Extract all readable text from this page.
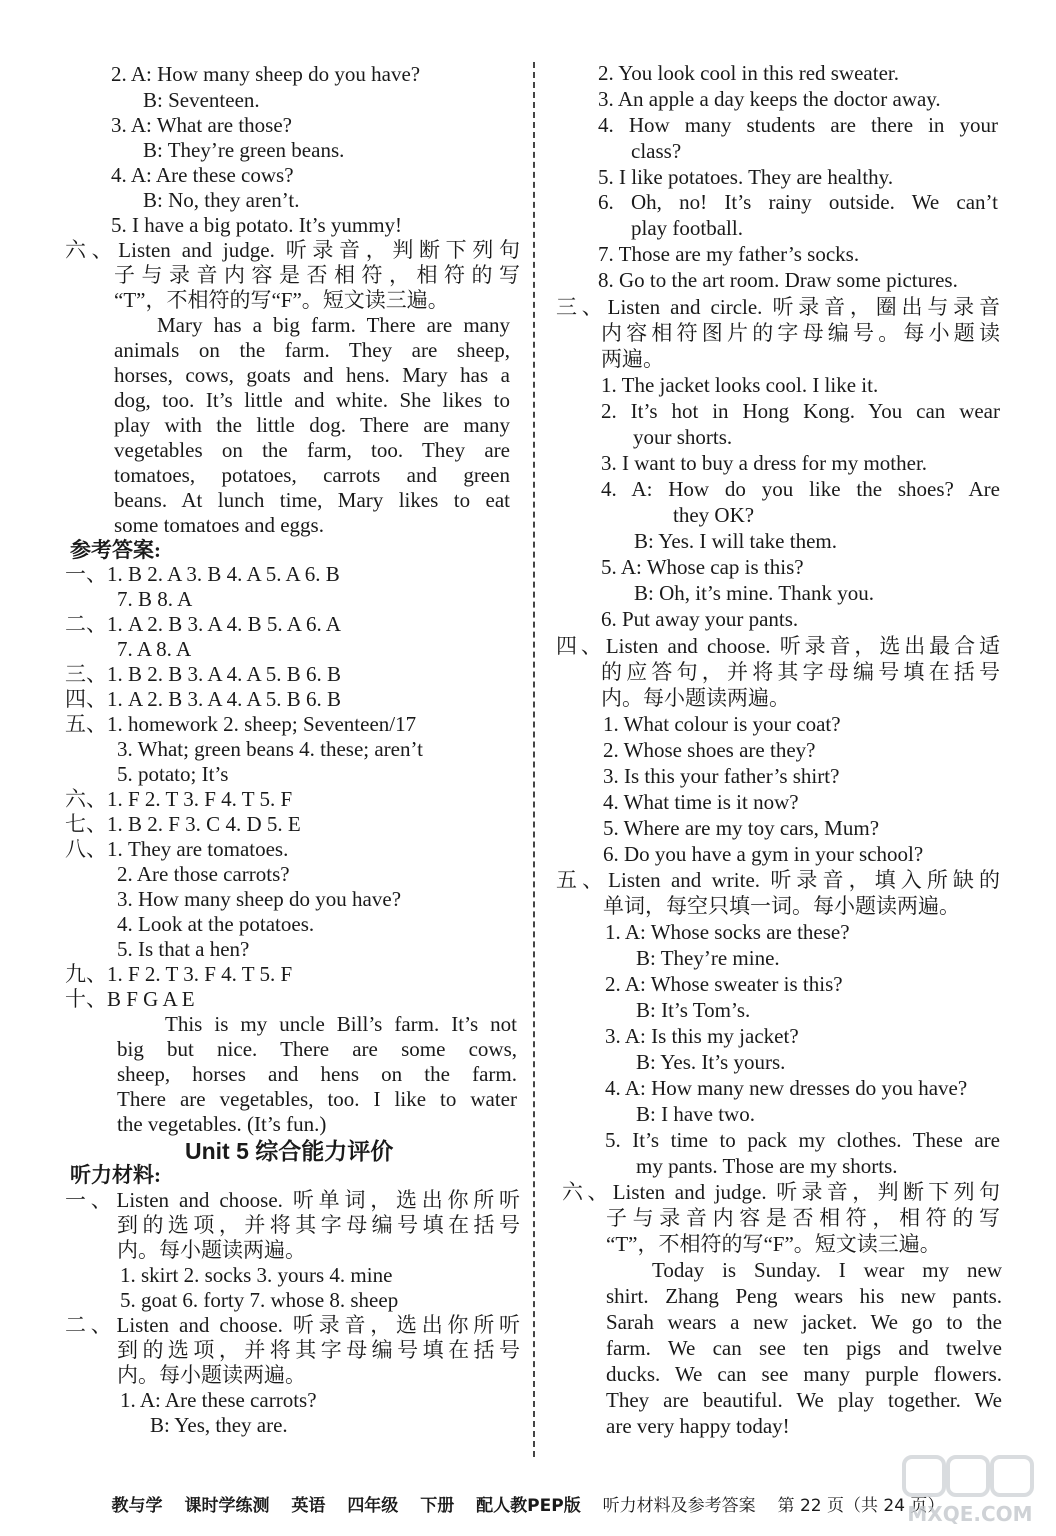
2. A: How many sheep do you have?
B: Seventeen.
3. A: What are those?
B: They’re green beans.
4. A: Are these cows?
B: No, they aren’t.
5. I have a big potato. It’s yummy!
六、Listen and judge. 听录音，判断下列句
子与录音内容是否相符，相符的写
“T”，不相符的写“F”。短文读三遍。
Mary has a big farm. There are many
animals on the farm. They are sheep,
horses, cows, goats and hens. Mary has a
dog, too. It’s little and white. She likes to
play with the little dog. There are many
vegetables on the farm, too. They are
tomatoes, potatoes, carrots and green
beans. At lunch time, Mary likes to eat
some tomatoes and eggs.
参考答案:
一、1. B 2. A 3. B 4. A 5. A 6. B
7. B 8. A
二、1. A 2. B 3. A 4. B 5. A 6. A
7. A 8. A
三、1. B 2. B 3. A 4. A 5. B 6. B
四、1. A 2. B 3. A 4. A 5. B 6. B
五、1. homework 2. sheep; Seventeen/17
3. What; green beans 4. these; aren’t
5. potato; It’s
六、1. F 2. T 3. F 4. T 5. F
七、1. B 2. F 3. C 4. D 5. E
八、1. They are tomatoes.
2. Are those carrots?
3. How many sheep do you have?
4. Look at the potatoes.
5. Is that a hen?
九、1. F 2. T 3. F 4. T 5. F
十、B F G A E
This is my uncle Bill’s farm. It’s not
big but nice. There are some cows,
sheep, horses and hens on the farm.
There are vegetables, too. I like to water
the vegetables. (It’s fun.)
Unit 5 综合能力评价
听力材料:
一、Listen and choose. 听单词，选出你所听
到的选项，并将其字母编号填在括号
内。每小题读两遍。
1. skirt 2. socks 3. yours 4. mine
5. goat 6. forty 7. whose 8. sheep
二、Listen and choose. 听录音，选出你所听
到的选项，并将其字母编号填在括号
内。每小题读两遍。
1. A: Are these carrots?
B: Yes, they are.
2. You look cool in this red sweater.
3. An apple a day keeps the doctor away.
4. How many students are there in your
class?
5. I like potatoes. They are healthy.
6. Oh, no! It’s rainy outside. We can’t
play football.
7. Those are my father’s socks.
8. Go to the art room. Draw some pictures.
三、Listen and circle. 听录音，圈出与录音
内容相符图片的字母编号。每小题读
两遍。
1. The jacket looks cool. I like it.
2. It’s hot in Hong Kong. You can wear
your shorts.
3. I want to buy a dress for my mother.
4. A: How do you like the shoes? Are
they OK?
B: Yes. I will take them.
5. A: Whose cap is this?
B: Oh, it’s mine. Thank you.
6. Put away your pants.
四、Listen and choose. 听录音，选出最合适
的应答句，并将其字母编号填在括号
内。每小题读两遍。
1. What colour is your coat?
2. Whose shoes are they?
3. Is this your father’s shirt?
4. What time is it now?
5. Where are my toy cars, Mum?
6. Do you have a gym in your school?
五、Listen and write. 听录音，填入所缺的
单词，每空只填一词。每小题读两遍。
1. A: Whose socks are these?
B: They’re mine.
2. A: Whose sweater is this?
B: It’s Tom’s.
3. A: Is this my jacket?
B: Yes. It’s yours.
4. A: How many new dresses do you have?
B: I have two.
5. It’s time to pack my clothes. These are
my pants. Those are my shorts.
六、Listen and judge. 听录音，判断下列句
子与录音内容是否相符，相符的写
“T”，不相符的写“F”。短文读三遍。
Today is Sunday. I wear my new
shirt. Zhang Peng wears his new pants.
Sarah wears a new jacket. We go to the
farm. We can see ten pigs and twelve
ducks. We can see many purple flowers.
They are beautiful. We play together. We
are very happy today!
教与学 课时学练测 英语 四年级 下册 配人教PEP版 听力材料及参考答案 第 22 页（共 24 页）
MXQE.COM
